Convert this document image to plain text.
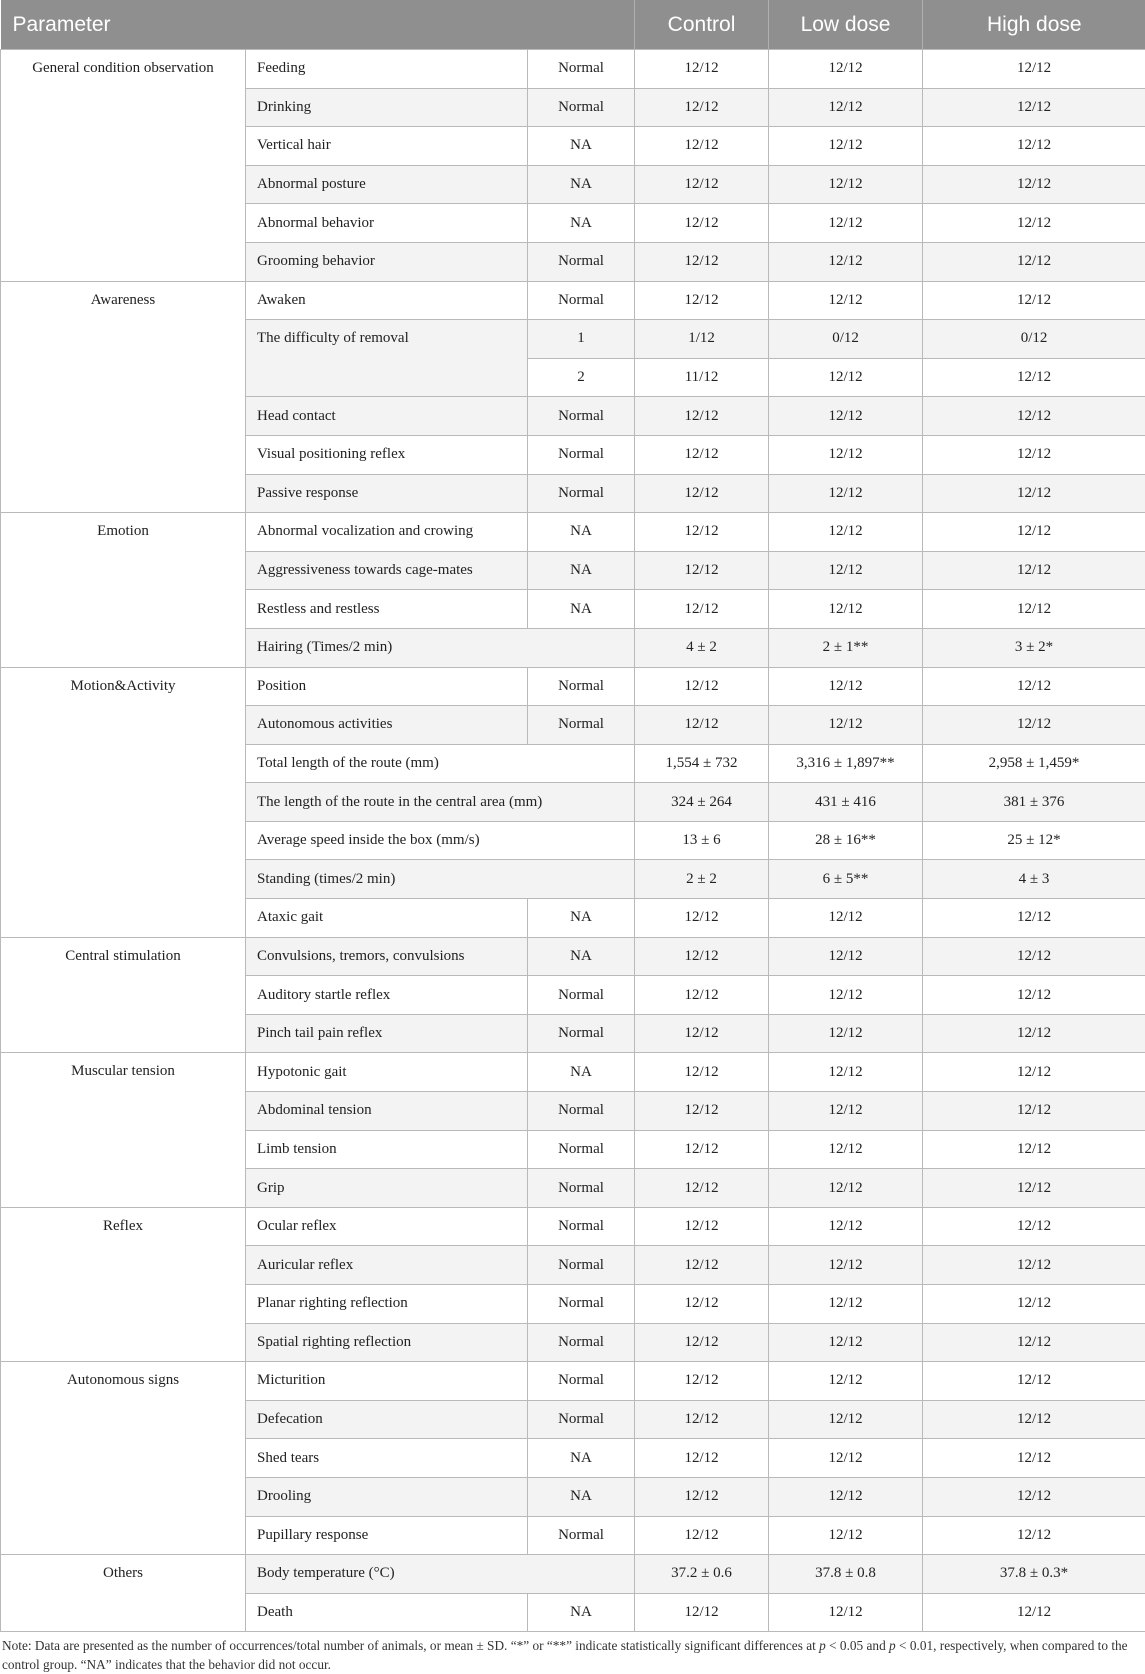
Parameter			Control	Low dose	High dose
General condition observation	Feeding	Normal	12/12	12/12	12/12
	Drinking	Normal	12/12	12/12	12/12
	Vertical hair	NA	12/12	12/12	12/12
	Abnormal posture	NA	12/12	12/12	12/12
	Abnormal behavior	NA	12/12	12/12	12/12
	Grooming behavior	Normal	12/12	12/12	12/12
Awareness	Awaken	Normal	12/12	12/12	12/12
	The difficulty of removal	1	1/12	0/12	0/12
		2	11/12	12/12	12/12
	Head contact	Normal	12/12	12/12	12/12
	Visual positioning reflex	Normal	12/12	12/12	12/12
	Passive response	Normal	12/12	12/12	12/12
Emotion	Abnormal vocalization and crowing	NA	12/12	12/12	12/12
	Aggressiveness towards cage-mates	NA	12/12	12/12	12/12
	Restless and restless	NA	12/12	12/12	12/12
	Hairing (Times/2 min)		4 ± 2	2 ± 1**	3 ± 2*
Motion&Activity	Position	Normal	12/12	12/12	12/12
	Autonomous activities	Normal	12/12	12/12	12/12
	Total length of the route (mm)		1,554 ± 732	3,316 ± 1,897**	2,958 ± 1,459*
	The length of the route in the central area (mm)		324 ± 264	431 ± 416	381 ± 376
	Average speed inside the box (mm/s)		13 ± 6	28 ± 16**	25 ± 12*
	Standing (times/2 min)		2 ± 2	6 ± 5**	4 ± 3
	Ataxic gait	NA	12/12	12/12	12/12
Central stimulation	Convulsions, tremors, convulsions	NA	12/12	12/12	12/12
	Auditory startle reflex	Normal	12/12	12/12	12/12
	Pinch tail pain reflex	Normal	12/12	12/12	12/12
Muscular tension	Hypotonic gait	NA	12/12	12/12	12/12
	Abdominal tension	Normal	12/12	12/12	12/12
	Limb tension	Normal	12/12	12/12	12/12
	Grip	Normal	12/12	12/12	12/12
Reflex	Ocular reflex	Normal	12/12	12/12	12/12
	Auricular reflex	Normal	12/12	12/12	12/12
	Planar righting reflection	Normal	12/12	12/12	12/12
	Spatial righting reflection	Normal	12/12	12/12	12/12
Autonomous signs	Micturition	Normal	12/12	12/12	12/12
	Defecation	Normal	12/12	12/12	12/12
	Shed tears	NA	12/12	12/12	12/12
	Drooling	NA	12/12	12/12	12/12
	Pupillary response	Normal	12/12	12/12	12/12
Others	Body temperature (°C)		37.2 ± 0.6	37.8 ± 0.8	37.8 ± 0.3*
	Death	NA	12/12	12/12	12/12
Note: Data are presented as the number of occurrences/total number of animals, or mean ± SD. “*” or “**” indicate statistically significant differences at p < 0.05 and p < 0.01, respectively, when compared to the control group. “NA” indicates that the behavior did not occur.
